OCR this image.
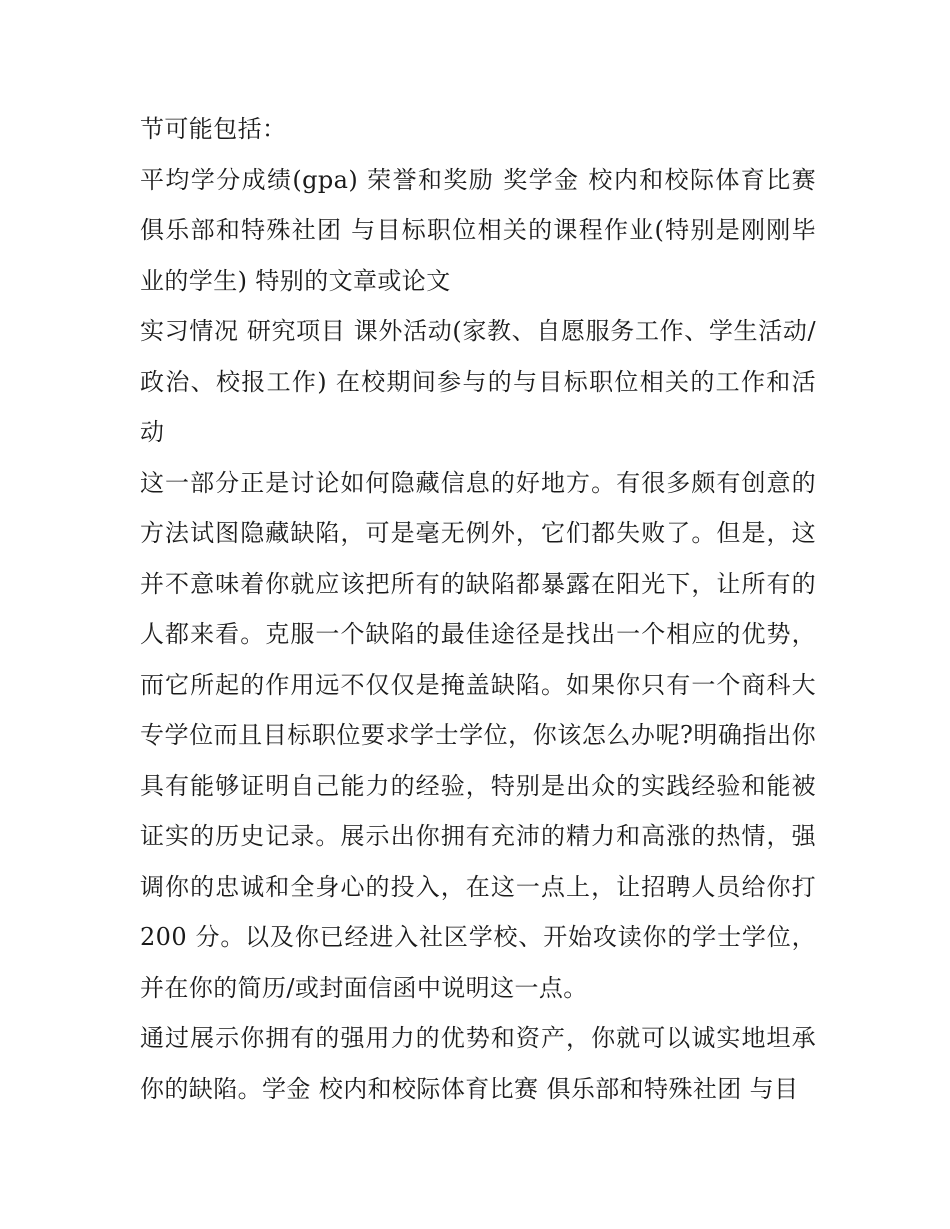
节可能包括：

平均学分成绩(gpa) 荣誉和奖励 奖学金 校内和校际体育比赛 俱乐部和特殊社团 与目标职位相关的课程作业(特别是刚刚毕业的学生) 特别的文章或论文

实习情况 研究项目 课外活动(家教、自愿服务工作、学生活动/政治、校报工作) 在校期间参与的与目标职位相关的工作和活动

这一部分正是讨论如何隐藏信息的好地方。有很多颇有创意的方法试图隐藏缺陷，可是毫无例外，它们都失败了。但是，这并不意味着你就应该把所有的缺陷都暴露在阳光下，让所有的人都来看。克服一个缺陷的最佳途径是找出一个相应的优势，而它所起的作用远不仅仅是掩盖缺陷。如果你只有一个商科大专学位而且目标职位要求学士学位，你该怎么办呢?明确指出你具有能够证明自己能力的经验，特别是出众的实践经验和能被证实的历史记录。展示出你拥有充沛的精力和高涨的热情，强调你的忠诚和全身心的投入，在这一点上，让招聘人员给你打 200 分。以及你已经进入社区学校、开始攻读你的学士学位，并在你的简历/或封面信函中说明这一点。

通过展示你拥有的强用力的优势和资产，你就可以诚实地坦承你的缺陷。学金 校内和校际体育比赛 俱乐部和特殊社团 与目
